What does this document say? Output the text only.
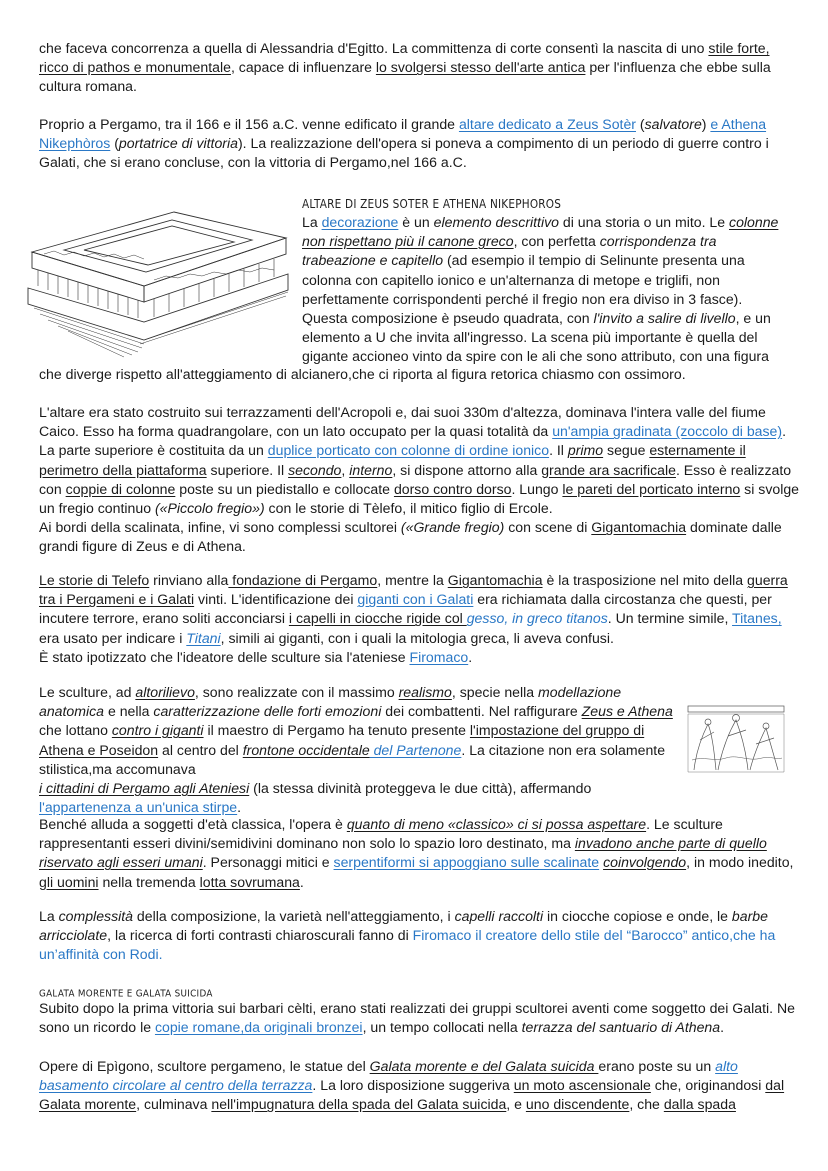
che faceva concorrenza a quella di Alessandria d'Egitto. La committenza di corte consentì la nascita di uno stile forte, ricco di pathos e monumentale, capace di influenzare lo svolgersi stesso dell'arte antica per l'influenza che ebbe sulla cultura romana.

Proprio a Pergamo, tra il 166 e il 156 a.C. venne edificato il grande altare dedicato a Zeus Sotèr (salvatore) e Athena Nikephòros (portatrice di vittoria). La realizzazione dell'opera si poneva a compimento di un periodo di guerre contro i Galati, che si erano concluse, con la vittoria di Pergamo,nel 166 a.C.

ALTARE DI ZEUS SOTER E ATHENA NIKEPHOROS

La decorazione è un elemento descrittivo di una storia o un mito. Le colonne non rispettano più il canone greco, con perfetta corrispondenza tra trabeazione e capitello (ad esempio il tempio di Selinunte presenta una colonna con capitello ionico e un'alternanza di metope e triglifi, non perfettamente corrispondenti perché il fregio non era diviso in 3 fasce). Questa composizione è pseudo quadrata, con l'invito a salire di livello, e un elemento a U che invita all'ingresso. La scena più importante è quella del gigante accioneo vinto da spire con le ali che sono attributo, con una figura

che diverge rispetto all'atteggiamento di alcianero,che ci riporta al figura retorica chiasmo con ossimoro.

L'altare era stato costruito sui terrazzamenti dell'Acropoli e, dai suoi 330m d'altezza, dominava l'intera valle del fiume Caico. Esso ha forma quadrangolare, con un lato occupato per la quasi totalità da un'ampia gradinata (zoccolo di base). La parte superiore è costituita da un duplice porticato con colonne di ordine ionico. Il primo segue esternamente il perimetro della piattaforma superiore. Il secondo, interno, si dispone attorno alla grande ara sacrificale. Esso è realizzato con coppie di colonne poste su un piedistallo e collocate dorso contro dorso. Lungo le pareti del porticato interno si svolge un fregio continuo («Piccolo fregio») con le storie di Tèlefo, il mitico figlio di Ercole.
Ai bordi della scalinata, infine, vi sono complessi scultorei («Grande fregio) con scene di Gigantomachia dominate dalle grandi figure di Zeus e di Athena.

Le storie di Telefo rinviano alla fondazione di Pergamo, mentre la Gigantomachia è la trasposizione nel mito della guerra tra i Pergameni e i Galati vinti. L'identificazione dei giganti con i Galati era richiamata dalla circostanza che questi, per incutere terrore, erano soliti acconciarsi i capelli in ciocche rigide col gesso, in greco titanos. Un termine simile, Titanes,
era usato per indicare i Titani, simili ai giganti, con i quali la mitologia greca, li aveva confusi.
È stato ipotizzato che l'ideatore delle sculture sia l'ateniese Firomaco.

Le sculture, ad altorilievo, sono realizzate con il massimo realismo, specie nella modellazione anatomica e nella caratterizzazione delle forti emozioni dei combattenti. Nel raffigurare Zeus e Athena che lottano contro i giganti il maestro di Pergamo ha tenuto presente l'impostazione del gruppo di Athena e Poseidon al centro del frontone occidentale del Partenone. La citazione non era solamente stilistica,ma accomunava
i cittadini di Pergamo agli Ateniesi (la stessa divinità proteggeva le due città), affermando
l'appartenenza a un'unica stirpe.

Benché alluda a soggetti d'età classica, l'opera è quanto di meno «classico» ci si possa aspettare. Le sculture rappresentanti esseri divini/semidivini dominano non solo lo spazio loro destinato, ma invadono anche parte di quello riservato agli esseri umani. Personaggi mitici e serpentiformi si appoggiano sulle scalinate coinvolgendo, in modo inedito, gli uomini nella tremenda lotta sovrumana.

La complessità della composizione, la varietà nell'atteggiamento, i capelli raccolti in ciocche copiose e onde, le barbe arricciolate, la ricerca di forti contrasti chiaroscurali fanno di Firomaco il creatore dello stile del “Barocco” antico,che ha un’affinità con Rodi.

GALATA MORENTE E GALATA SUICIDA

Subito dopo la prima vittoria sui barbari cèlti, erano stati realizzati dei gruppi scultorei aventi come soggetto dei Galati. Ne sono un ricordo le copie romane,da originali bronzei, un tempo collocati nella terrazza del santuario di Athena.

Opere di Epìgono, scultore pergameno, le statue del Galata morente e del Galata suicida erano poste su un alto basamento circolare al centro della terrazza. La loro disposizione suggeriva un moto ascensionale che, originandosi dal Galata morente, culminava nell'impugnatura della spada del Galata suicida, e uno discendente, che dalla spada
